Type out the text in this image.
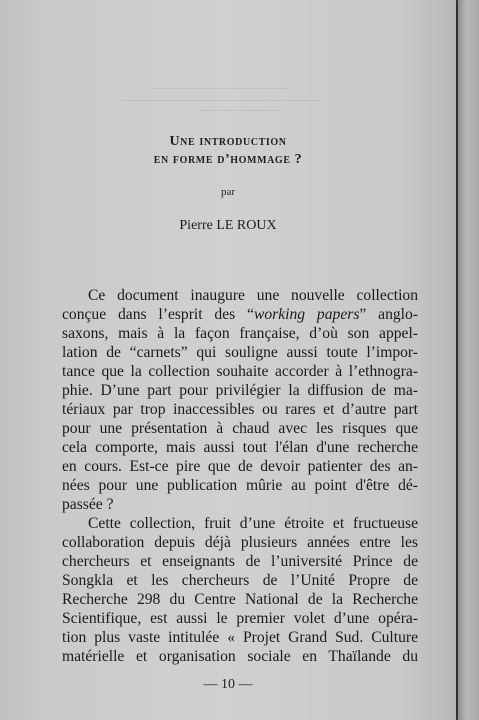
Une introduction
en forme d’hommage ?
par
Pierre LE ROUX
Ce document inaugure une nouvelle collection
conçue dans l’esprit des “working papers” anglo-
saxons, mais à la façon française, d’où son appel-
lation de “carnets” qui souligne aussi toute l’impor-
tance que la collection souhaite accorder à l’ethnogra-
phie. D’une part pour privilégier la diffusion de ma-
tériaux par trop inaccessibles ou rares et d’autre part
pour une présentation à chaud avec les risques que
cela comporte, mais aussi tout l'élan d'une recherche
en cours. Est-ce pire que de devoir patienter des an-
nées pour une publication mûrie au point d'être dé-
passée ?
Cette collection, fruit d’une étroite et fructueuse
collaboration depuis déjà plusieurs années entre les
chercheurs et enseignants de l’université Prince de
Songkla et les chercheurs de l’Unité Propre de
Recherche 298 du Centre National de la Recherche
Scientifique, est aussi le premier volet d’une opéra-
tion plus vaste intitulée « Projet Grand Sud. Culture
matérielle et organisation sociale en Thaïlande du
— 10 —
